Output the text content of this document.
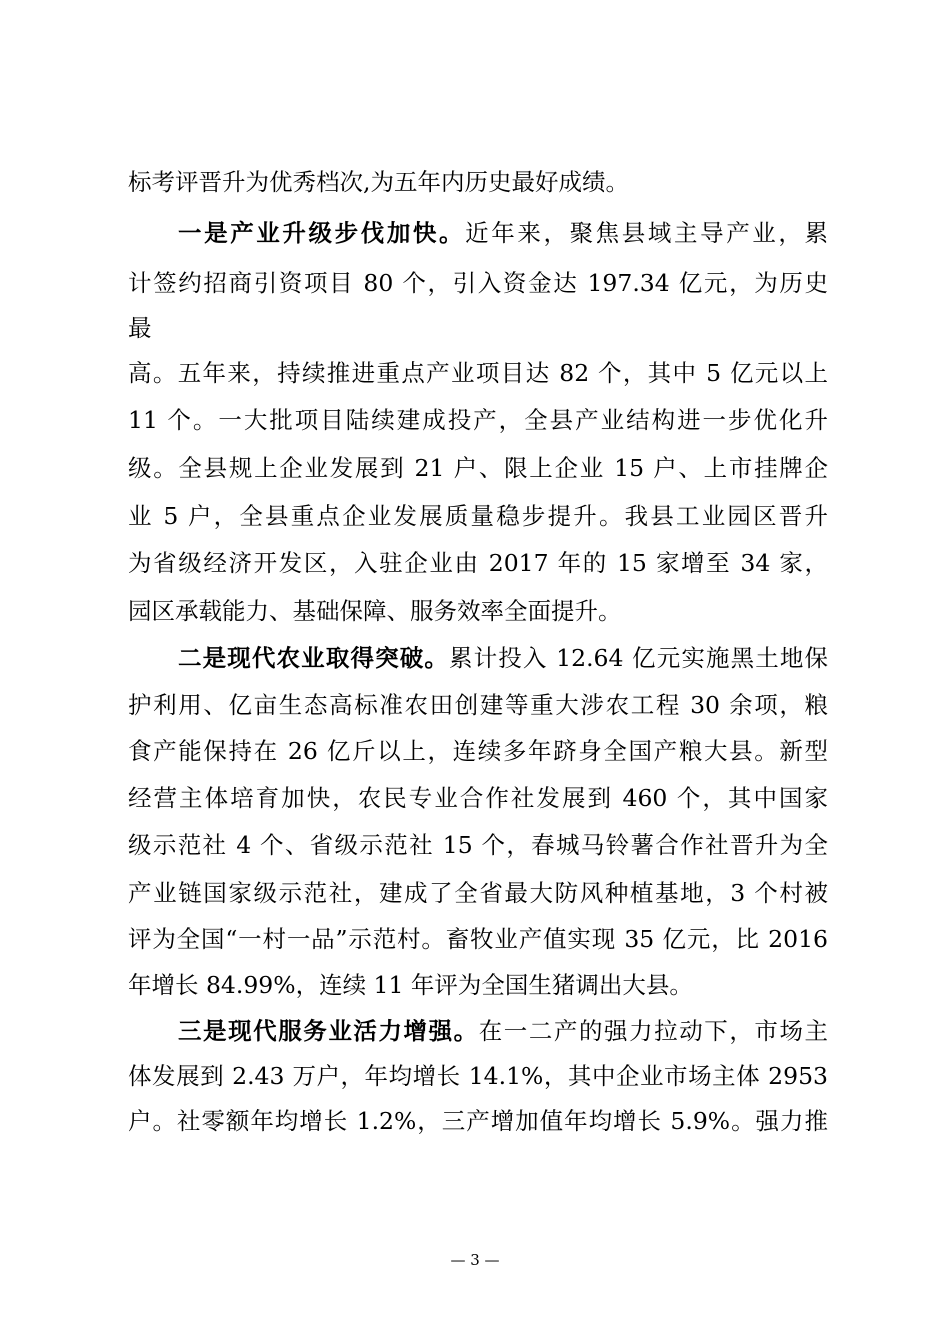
标考评晋升为优秀档次,为五年内历史最好成绩。
一是产业升级步伐加快。近年来，聚焦县域主导产业，累
计签约招商引资项目 80 个，引入资金达 197.34 亿元，为历史
最
高。五年来，持续推进重点产业项目达 82 个，其中 5 亿元以上
11 个。一大批项目陆续建成投产，全县产业结构进一步优化升
级。全县规上企业发展到 21 户、限上企业 15 户、上市挂牌企
业 5 户，全县重点企业发展质量稳步提升。我县工业园区晋升
为省级经济开发区，入驻企业由 2017 年的 15 家增至 34 家，
园区承载能力、基础保障、服务效率全面提升。
二是现代农业取得突破。累计投入 12.64 亿元实施黑土地保
护利用、亿亩生态高标准农田创建等重大涉农工程 30 余项，粮
食产能保持在 26 亿斤以上，连续多年跻身全国产粮大县。新型
经营主体培育加快，农民专业合作社发展到 460 个，其中国家
级示范社 4 个、省级示范社 15 个，春城马铃薯合作社晋升为全
产业链国家级示范社，建成了全省最大防风种植基地，3 个村被
评为全国“一村一品”示范村。畜牧业产值实现 35 亿元，比 2016
年增长 84.99%，连续 11 年评为全国生猪调出大县。
三是现代服务业活力增强。在一二产的强力拉动下，市场主
体发展到 2.43 万户，年均增长 14.1%，其中企业市场主体 2953
户。社零额年均增长 1.2%，三产增加值年均增长 5.9%。强力推
— 3 —
